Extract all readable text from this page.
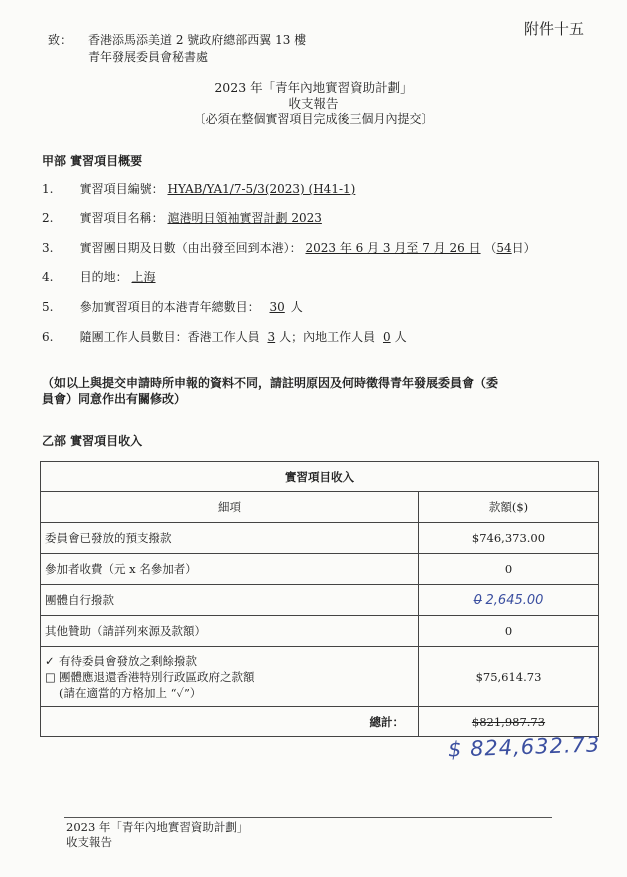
附件十五
致： 香港添馬添美道 2 號政府總部西翼 13 樓
青年發展委員會秘書處
2023 年「青年內地實習資助計劃」
收支報告
〔必須在整個實習項目完成後三個月內提交〕
甲部 實習項目概要
1. 實習項目編號： HYAB/YA1/7-5/3(2023) (H41-1)
2. 實習項目名稱： 滬港明日領袖實習計劃 2023
3. 實習團日期及日數（由出發至回到本港）： 2023 年 6 月 3 月至 7 月 26 日 （54日）
4. 目的地： 上海
5. 參加實習項目的本港青年總數目： 30 人
6. 隨團工作人員數目：香港工作人員 3 人；內地工作人員 0 人
（如以上與提交申請時所申報的資料不同，請註明原因及何時徵得青年發展委員會（委
員會）同意作出有關修改）
乙部 實習項目收入
實習項目收入	
細項	款額($)
委員會已發放的預支撥款	$746,373.00
參加者收費（元 x 名參加者）	0
團體自行撥款	0 2,645.00
其他贊助（請詳列來源及款額）	0

✓ 有待委員會發放之剩餘撥款
□ 團體應退還香港特別行政區政府之款額
(請在適當的方格加上 “✓”）	$75,614.73
總計：	$821,987.73
$ 824,632.73
2023 年「青年內地實習資助計劃」
收支報告
